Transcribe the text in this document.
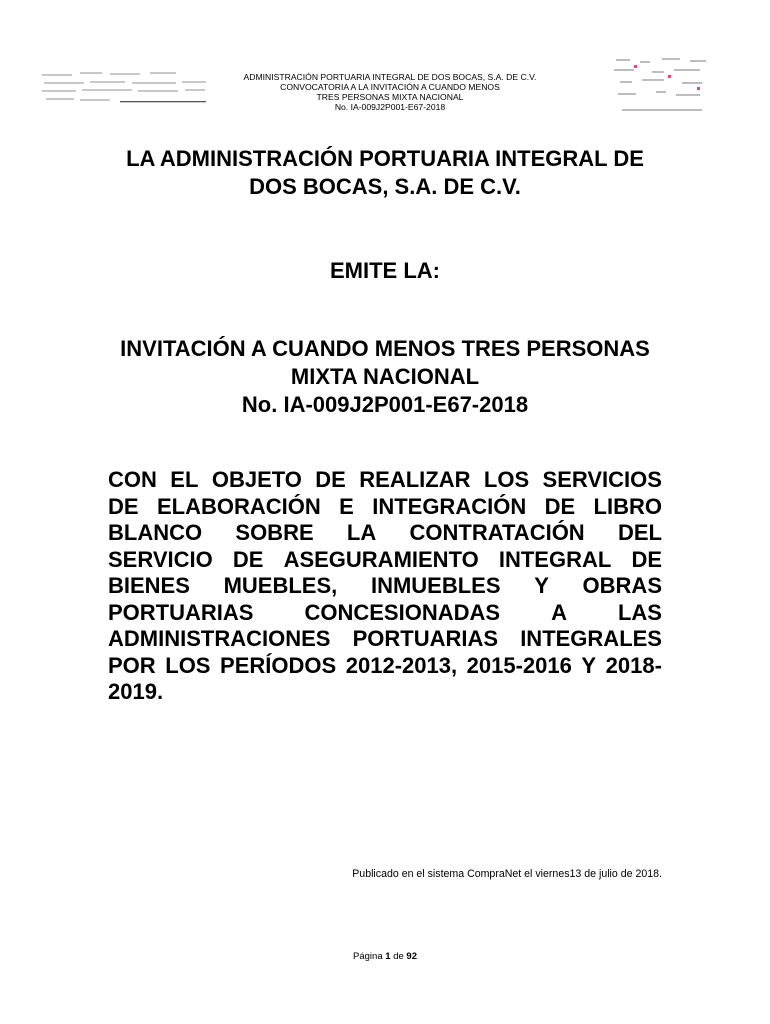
ADMINISTRACIÓN PORTUARIA INTEGRAL DE DOS BOCAS, S.A. DE C.V.
CONVOCATORIA A LA INVITACIÓN A CUANDO MENOS
TRES PERSONAS MIXTA NACIONAL
No. IA-009J2P001-E67-2018
LA ADMINISTRACIÓN PORTUARIA INTEGRAL DE
DOS BOCAS, S.A. DE C.V.
EMITE LA:
INVITACIÓN A CUANDO MENOS TRES PERSONAS
MIXTA NACIONAL
No. IA-009J2P001-E67-2018
CON EL OBJETO DE REALIZAR LOS SERVICIOS
DE ELABORACIÓN E INTEGRACIÓN DE LIBRO
BLANCO SOBRE LA CONTRATACIÓN DEL
SERVICIO DE ASEGURAMIENTO INTEGRAL DE
BIENES MUEBLES, INMUEBLES Y OBRAS
PORTUARIAS CONCESIONADAS A LAS
ADMINISTRACIONES PORTUARIAS INTEGRALES
POR LOS PERÍODOS 2012-2013, 2015-2016 Y 2018-
2019.
Publicado en el sistema CompraNet el viernes13 de julio de 2018.
Página 1 de 92
